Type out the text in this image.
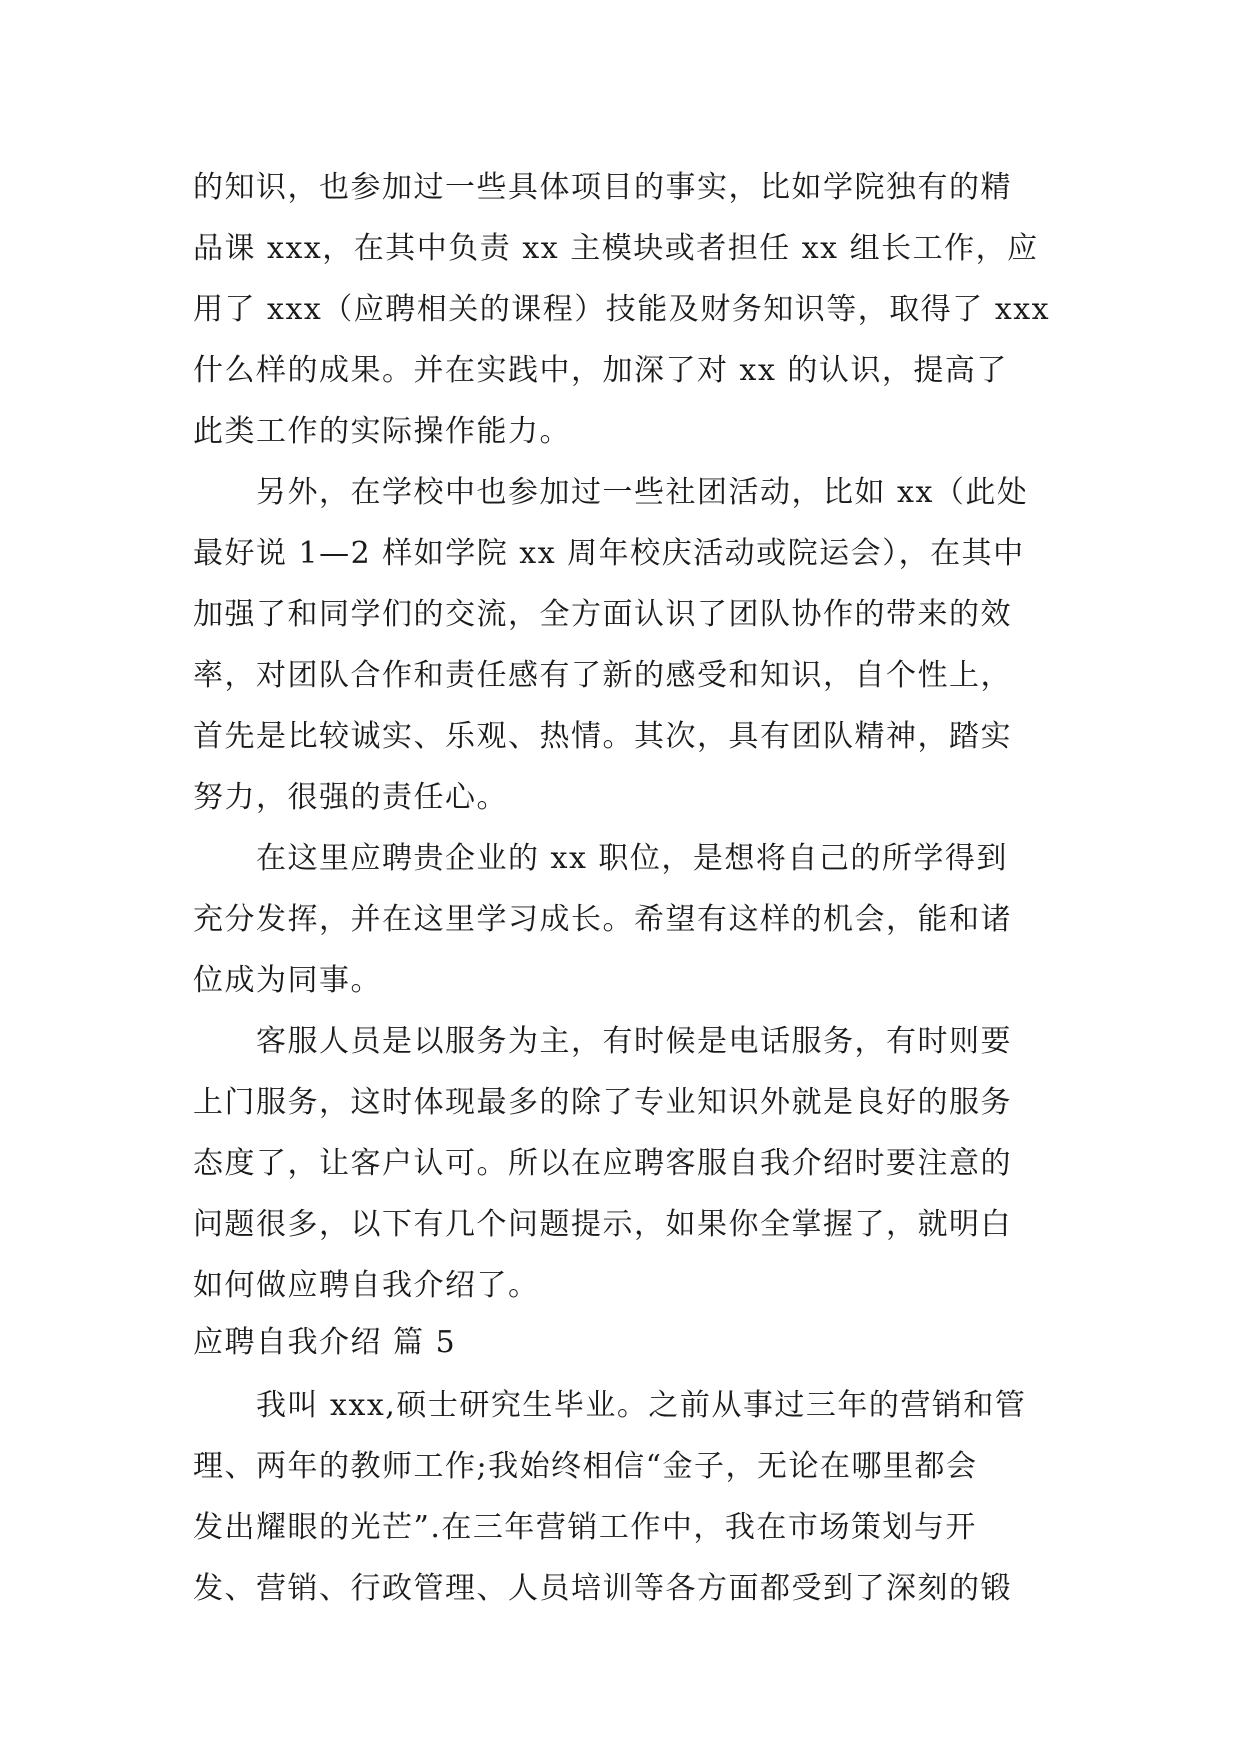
的知识，也参加过一些具体项目的事实，比如学院独有的精
品课 xxx，在其中负责 xx 主模块或者担任 xx 组长工作，应
用了 xxx（应聘相关的课程）技能及财务知识等，取得了 xxx
什么样的成果。并在实践中，加深了对 xx 的认识，提高了
此类工作的实际操作能力。
另外，在学校中也参加过一些社团活动，比如 xx（此处
最好说 1—2 样如学院 xx 周年校庆活动或院运会），在其中
加强了和同学们的交流，全方面认识了团队协作的带来的效
率，对团队合作和责任感有了新的感受和知识，自个性上，
首先是比较诚实、乐观、热情。其次，具有团队精神，踏实
努力，很强的责任心。
在这里应聘贵企业的 xx 职位，是想将自己的所学得到
充分发挥，并在这里学习成长。希望有这样的机会，能和诸
位成为同事。
客服人员是以服务为主，有时候是电话服务，有时则要
上门服务，这时体现最多的除了专业知识外就是良好的服务
态度了，让客户认可。所以在应聘客服自我介绍时要注意的
问题很多，以下有几个问题提示，如果你全掌握了，就明白
如何做应聘自我介绍了。
应聘自我介绍 篇 5
我叫 xxx,硕士研究生毕业。之前从事过三年的营销和管
理、两年的教师工作;我始终相信“金子，无论在哪里都会
发出耀眼的光芒”.在三年营销工作中，我在市场策划与开
发、营销、行政管理、人员培训等各方面都受到了深刻的锻
